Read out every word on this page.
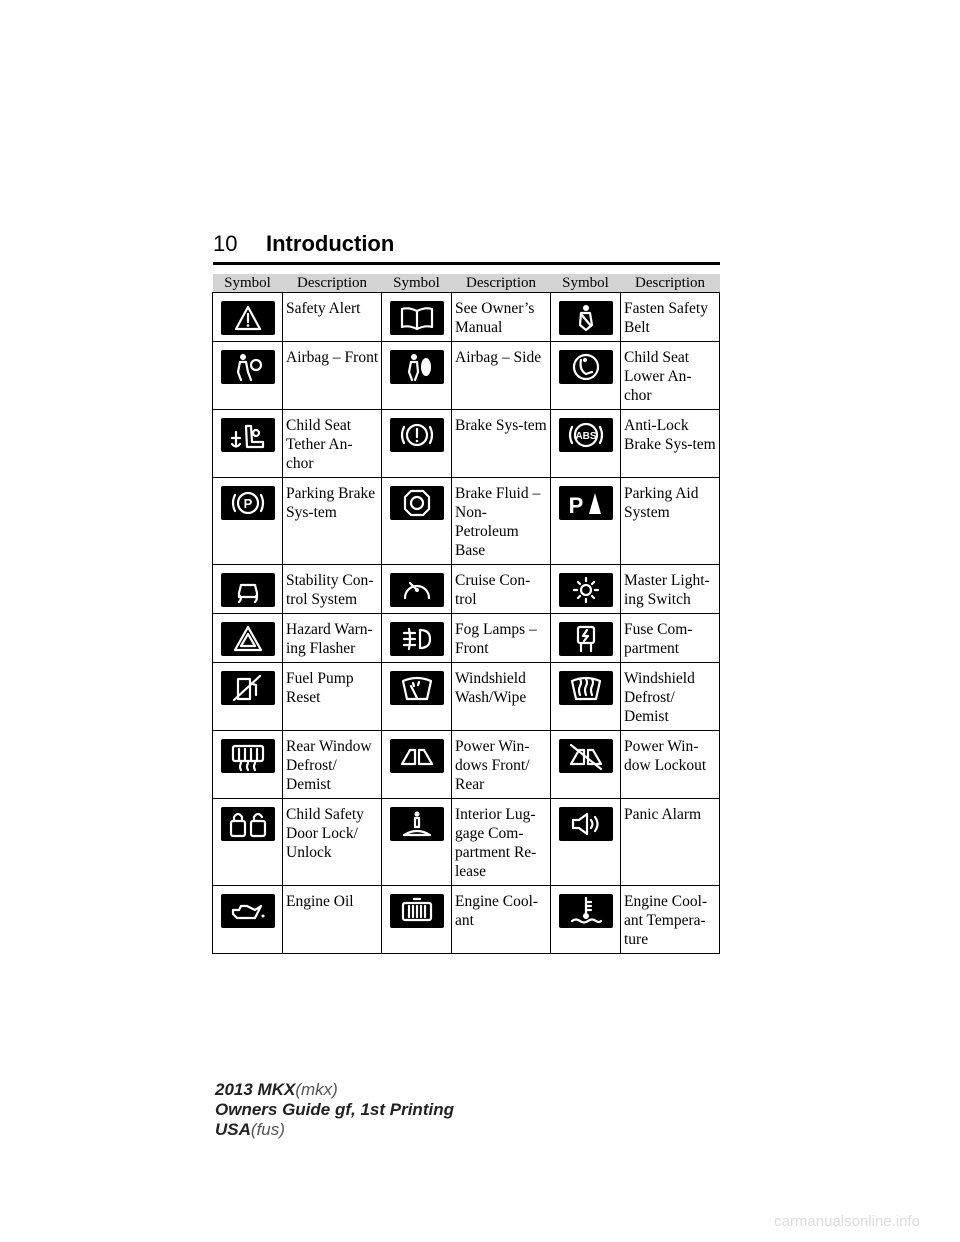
10 Introduction
Symbol	Description	Symbol	Description	Symbol	Description

	Safety Alert		See Owner’s Manual		Fasten Safety Belt

	Airbag – Front		Airbag – Side		Child Seat Lower An-chor

	Child Seat Tether An-chor		Brake Sys-tem	ABS	Anti-Lock Brake Sys-tem

P	Parking Brake Sys-tem		Brake Fluid – Non-Petroleum Base	P	Parking Aid System

	Stability Con-trol System		Cruise Con-trol		Master Light-ing Switch

	Hazard Warn-ing Flasher		Fog Lamps – Front		Fuse Com-partment

	Fuel Pump Reset		Windshield Wash/Wipe		Windshield Defrost/ Demist

	Rear Window Defrost/ Demist		Power Win-dows Front/ Rear		Power Win-dow Lockout

	Child Safety Door Lock/ Unlock		Interior Lug-gage Com-partment Re-lease		Panic Alarm

	Engine Oil		Engine Cool-ant		Engine Cool-ant Tempera-ture
2013 MKX(mkx)
Owners Guide gf, 1st Printing
USA(fus)
carmanualsonline.info
